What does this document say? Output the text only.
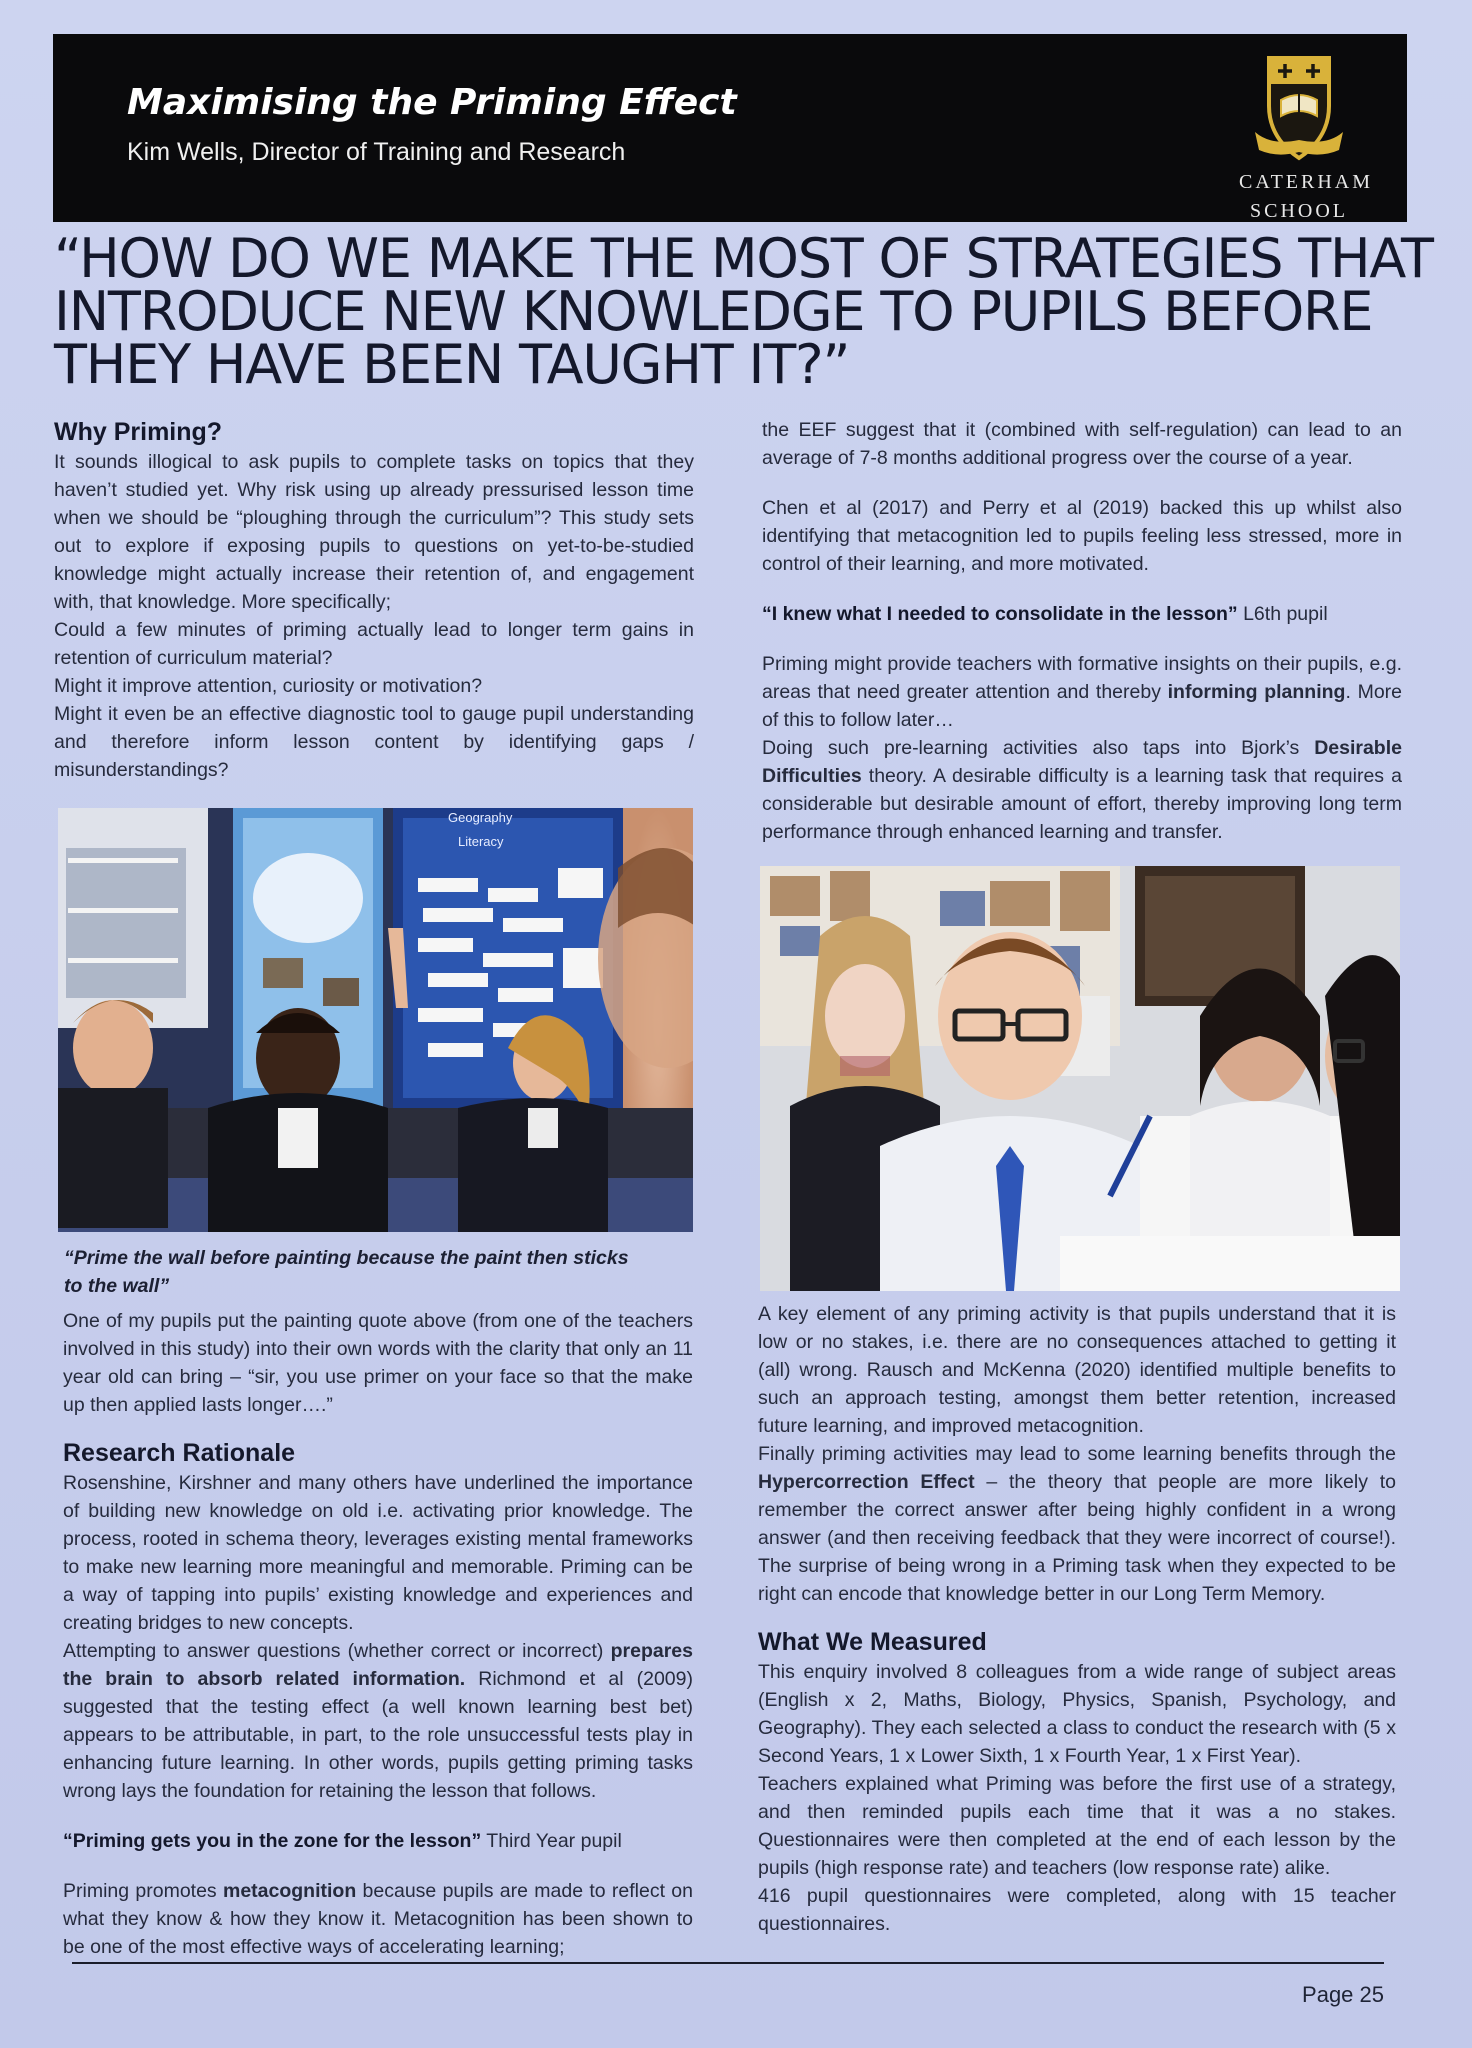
Maximising the Priming Effect
Kim Wells, Director of Training and Research
CATERHAM
SCHOOL
“HOW DO WE MAKE THE MOST OF STRATEGIES THAT INTRODUCE NEW KNOWLEDGE TO PUPILS BEFORE THEY HAVE BEEN TAUGHT IT?”
Why Priming?

It sounds illogical to ask pupils to complete tasks on topics that they haven’t studied yet. Why risk using up already pressurised lesson time when we should be “ploughing through the curriculum”? This study sets out to explore if exposing pupils to questions on yet-to-be-studied knowledge might actually increase their retention of, and engagement with, that knowledge. More specifically;

Could a few minutes of priming actually lead to longer term gains in retention of curriculum material?

Might it improve attention, curiosity or motivation?

Might it even be an effective diagnostic tool to gauge pupil understanding and therefore inform lesson content by identifying gaps / misunderstandings?

Geography
Literacy
“Prime the wall before painting because the paint then sticks
to the wall”

One of my pupils put the painting quote above (from one of the teachers involved in this study) into their own words with the clarity that only an 11 year old can bring – “sir, you use primer on your face so that the make up then applied lasts longer….”

Research Rationale

Rosenshine, Kirshner and many others have underlined the importance of building new knowledge on old i.e. activating prior knowledge. The process, rooted in schema theory, leverages existing mental frameworks to make new learning more meaningful and memorable. Priming can be a way of tapping into pupils’ existing knowledge and experiences and creating bridges to new concepts.

Attempting to answer questions (whether correct or incorrect) prepares the brain to absorb related information. Richmond et al (2009) suggested that the testing effect (a well known learning best bet) appears to be attributable, in part, to the role unsuccessful tests play in enhancing future learning. In other words, pupils getting priming tasks wrong lays the foundation for retaining the lesson that follows.

“Priming gets you in the zone for the lesson” Third Year pupil

Priming promotes metacognition because pupils are made to reflect on what they know & how they know it. Metacognition has been shown to be one of the most effective ways of accelerating learning;

the EEF suggest that it (combined with self-regulation) can lead to an average of 7-8 months additional progress over the course of a year.

Chen et al (2017) and Perry et al (2019) backed this up whilst also identifying that metacognition led to pupils feeling less stressed, more in control of their learning, and more motivated.

“I knew what I needed to consolidate in the lesson” L6th pupil

Priming might provide teachers with formative insights on their pupils, e.g. areas that need greater attention and thereby informing planning. More of this to follow later…

Doing such pre-learning activities also taps into Bjork’s Desirable Difficulties theory. A desirable difficulty is a learning task that requires a considerable but desirable amount of effort, thereby improving long term performance through enhanced learning and transfer.

A key element of any priming activity is that pupils understand that it is low or no stakes, i.e. there are no consequences attached to getting it (all) wrong. Rausch and McKenna (2020) identified multiple benefits to such an approach testing, amongst them better retention, increased future learning, and improved metacognition.

Finally priming activities may lead to some learning benefits through the Hypercorrection Effect – the theory that people are more likely to remember the correct answer after being highly confident in a wrong answer (and then receiving feedback that they were incorrect of course!). The surprise of being wrong in a Priming task when they expected to be right can encode that knowledge better in our Long Term Memory.

What We Measured

This enquiry involved 8 colleagues from a wide range of subject areas (English x 2, Maths, Biology, Physics, Spanish, Psychology, and Geography). They each selected a class to conduct the research with (5 x Second Years, 1 x Lower Sixth, 1 x Fourth Year, 1 x First Year).

Teachers explained what Priming was before the first use of a strategy, and then reminded pupils each time that it was a no stakes. Questionnaires were then completed at the end of each lesson by the pupils (high response rate) and teachers (low response rate) alike.

416 pupil questionnaires were completed, along with 15 teacher questionnaires.

Page 25
